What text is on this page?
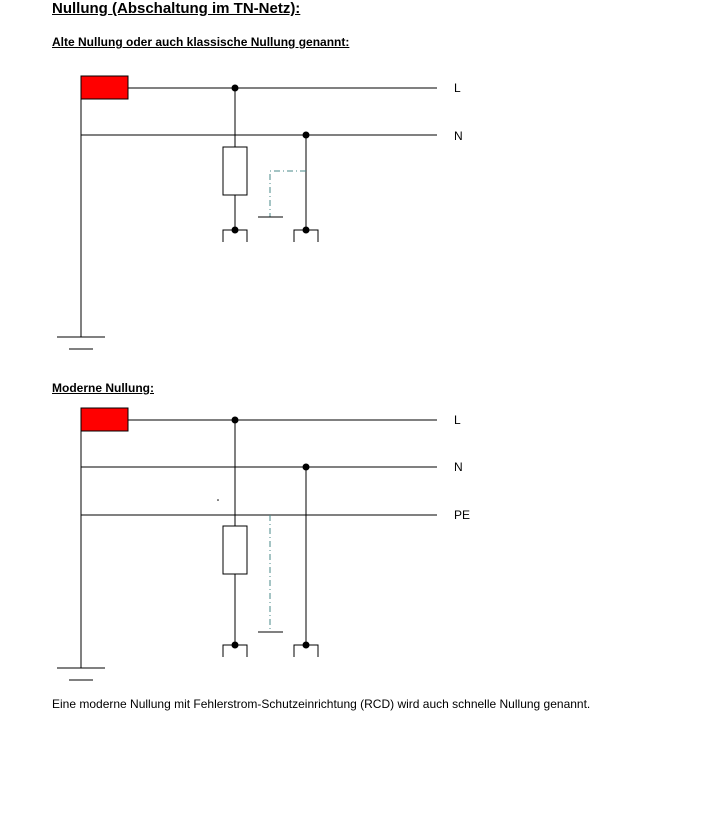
Nullung (Abschaltung im TN-Netz):
Alte Nullung oder auch klassische Nullung genannt:
L
N
Moderne Nullung:
L
N
PE

Eine moderne Nullung mit Fehlerstrom-Schutzeinrichtung (RCD) wird auch schnelle Nullung genannt.
